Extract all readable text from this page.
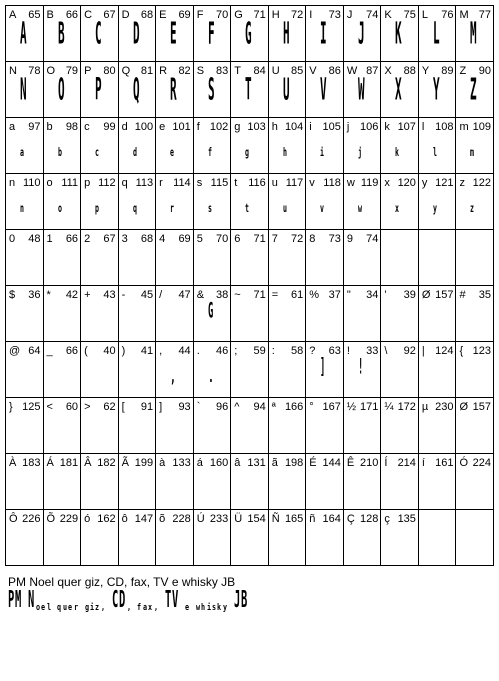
A 65
A B 66
B C 67
C D 68
D E 69
E F 70
F G 71
G H 72
H I 73
I J 74
J K 75
K L 76
L M 77
M
N 78
N O 79
O P 80
P Q 81
Q R 82
R S 83
S T 84
T U 85
U V 86
V W 87
W X 88
X Y 89
Y Z 90
Z
a 97
a
b 98
b
c 99
c
d 100
d
e 101
e
f 102
f
g 103
g
h 104
h
i 105
i
j 106
j
k 107
k
l 108
l
m 109
m
n 110
n
o 111
o
p 112
p
q 113
q
r 114
r
s 115
s
t 116
t
u 117
u
v 118
v
w 119
w
x 120
x
y 121
y
z 122
z
0 48 1 66 2 67 3 68 4 69 5 70 6 71 7 72 8 73 9 74
$ 36 * 42 + 43 - 45 / 47 & 38
G
~ 71 = 61 % 37 " 34 ' 39 Ø 157 # 35
@ 64 _ 66 ( 40 ) 41 , 44
,
. 46
.
; 59 : 58 ? 63
]
! 33
!
\ 92 | 124 { 123
} 125 < 60 > 62 [ 91 ] 93 ` 96 ^ 94 ª 166 ° 167 ½ 171 ¼ 172 µ 230 Ø 157
À 183 Á 181 Â 182 Ã 199 à 133 á 160 â 131 ã 198 É 144 Ê 210 Í 214 í 161 Ó 224
Ô 226 Õ 229 ó 162 ô 147 õ 228 Ú 233 Ü 154 Ñ 165 ñ 164 Ç 128 ç 135
PM Noel quer giz, CD, fax, TV e whisky JB
PM Noel quer giz, CD, fax, TV e whisky JB
